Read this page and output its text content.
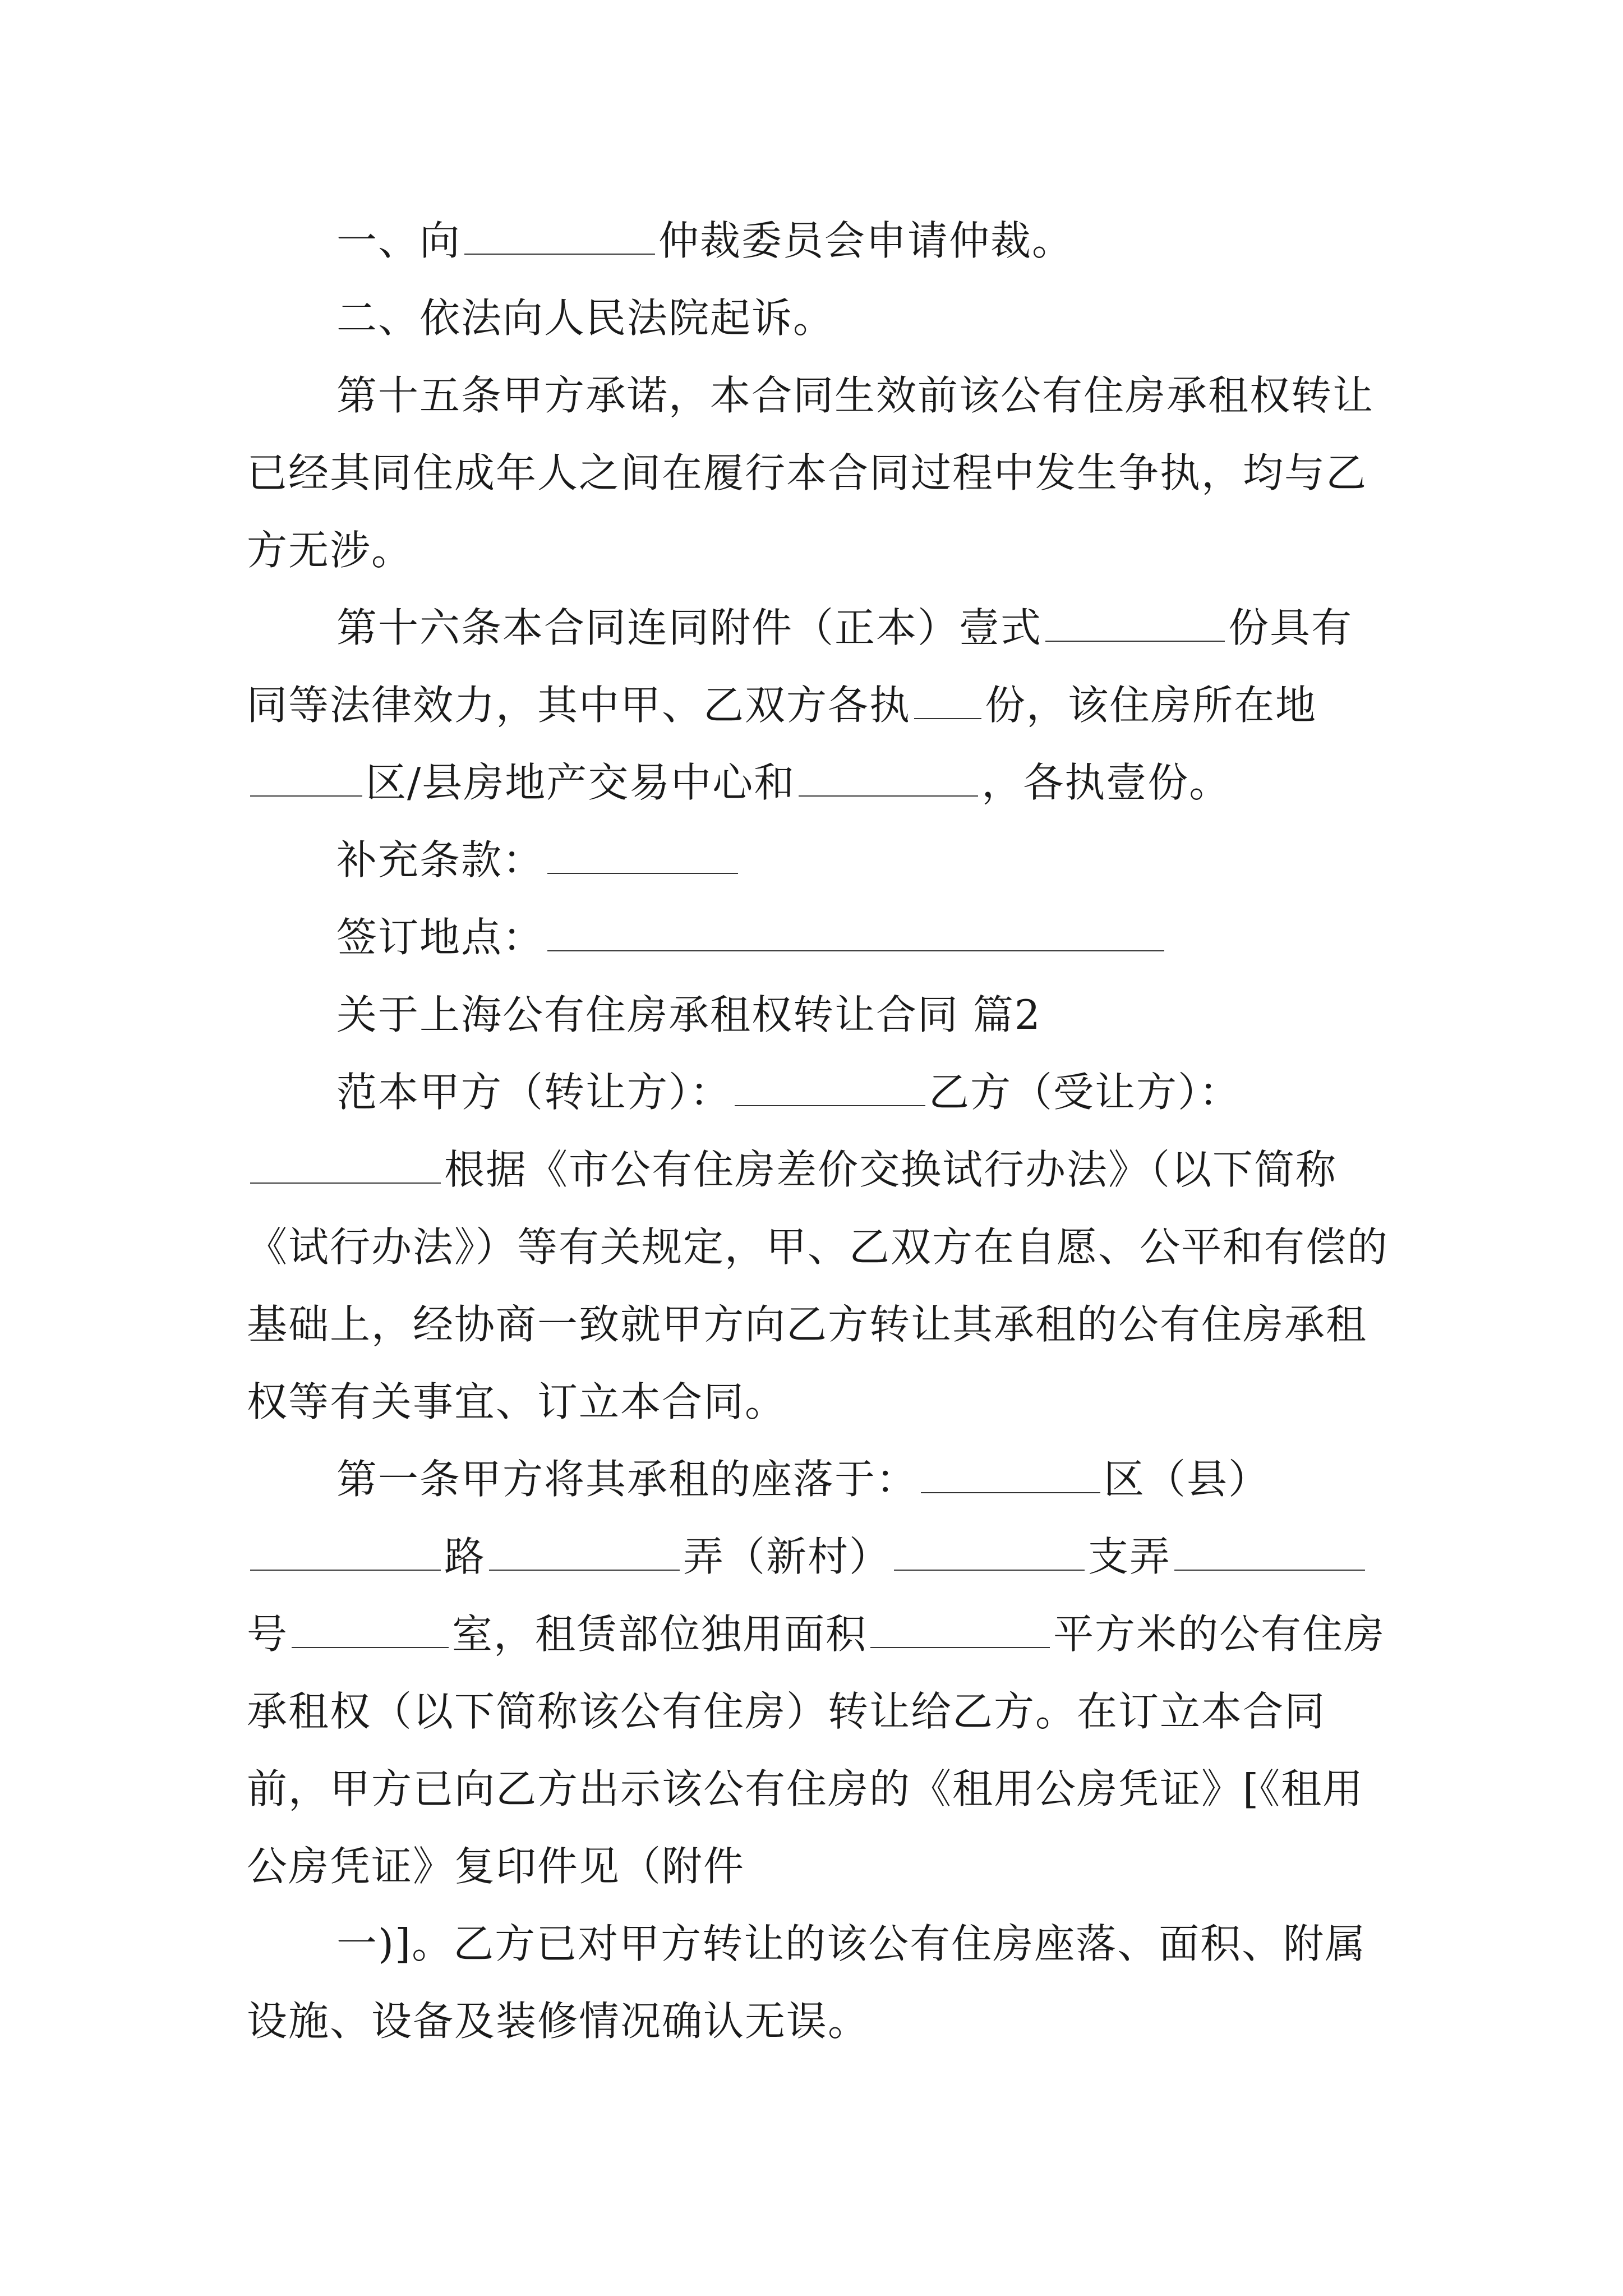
一、向	仲裁委员会申请仲裁。

二、依法向人民法院起诉。

第十五条甲方承诺，本合同生效前该公有住房承租权转让已经其同住成年人之间在履行本合同过程中发生争执，均与乙方无涉。

第十六条本合同连同附件（正本）壹式	份具有同等法律效力，其中甲、乙双方各执 份，该住房所在地区/县房地产交易中心和	，各执壹份。

补充条款：

签订地点：

关于上海公有住房承租权转让合同 篇2

范本甲方（转让方）：	乙方（受让方）：根据《市公有住房差价交换试行办法》（以下简称《试行办法》）等有关规定，甲、乙双方在自愿、公平和有偿的基础上，经协商一致就甲方向乙方转让其承租的公有住房承租权等有关事宜、订立本合同。

第一条甲方将其承租的座落于：	区（县）路	弄（新村）	支弄号	室，租赁部位独用面积	平方米的公有住房承租权（以下简称该公有住房）转让给乙方。在订立本合同前，甲方已向乙方出示该公有住房的《租用公房凭证》[《租用公房凭证》复印件见（附件

一)]。乙方已对甲方转让的该公有住房座落、面积、附属设施、设备及装修情况确认无误。
